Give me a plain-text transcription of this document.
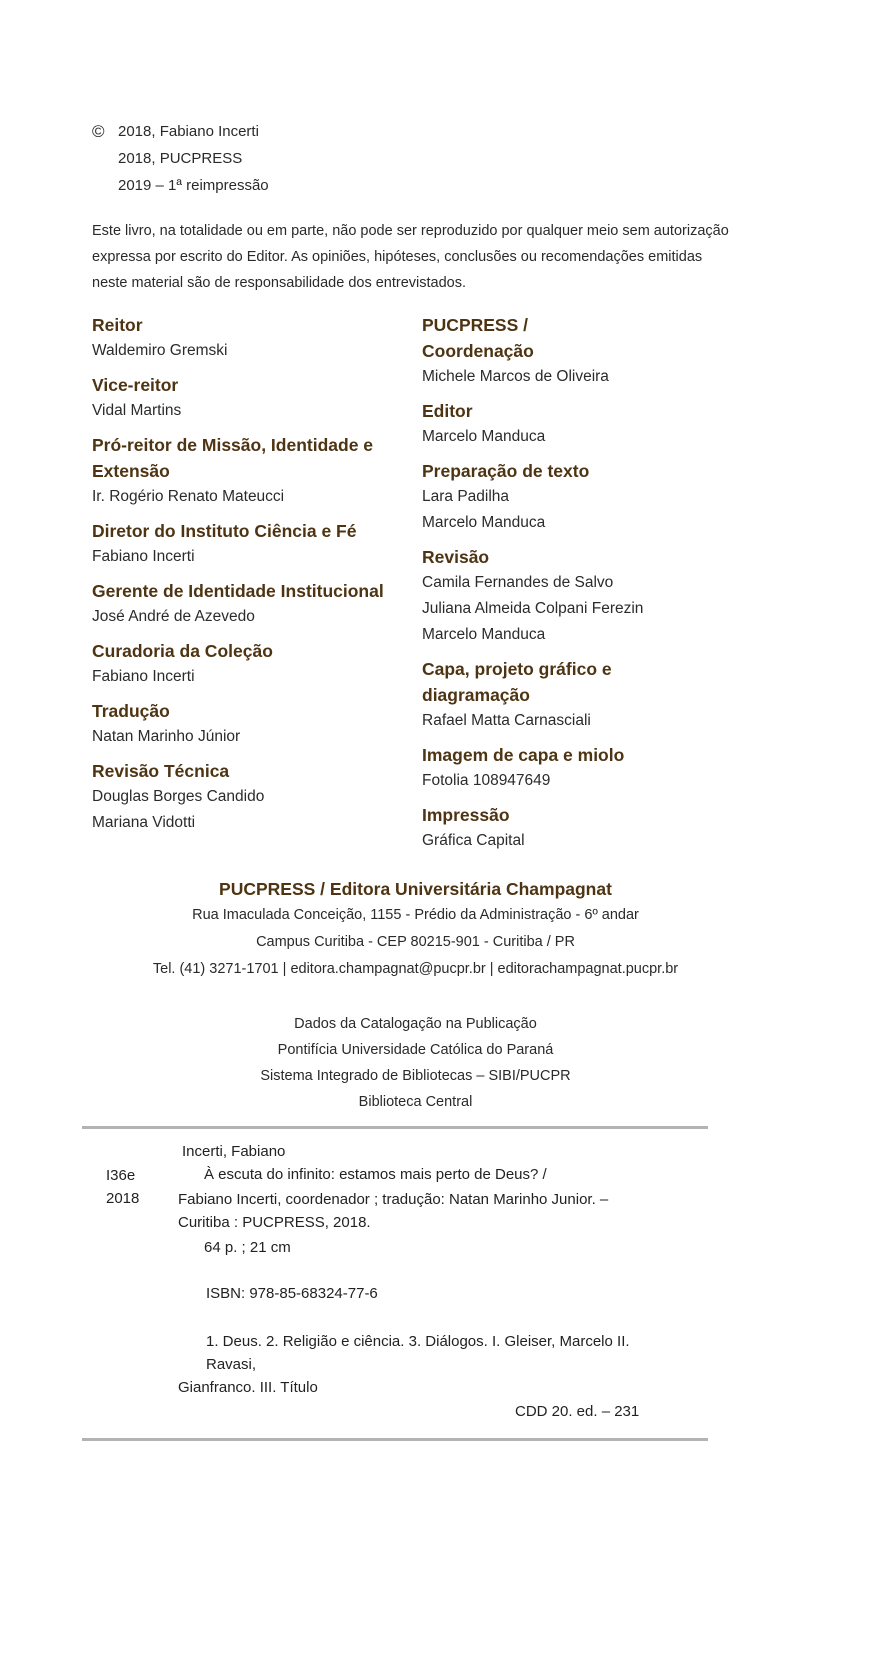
© 2018, Fabiano Incerti
2018, PUCPRESS
2019 – 1ª reimpressão
Este livro, na totalidade ou em parte, não pode ser reproduzido por qualquer meio sem autorização expressa por escrito do Editor. As opiniões, hipóteses, conclusões ou recomendações emitidas neste material são de responsabilidade dos entrevistados.
Reitor
Waldemiro Gremski
Vice-reitor
Vidal Martins
Pró-reitor de Missão, Identidade e Extensão
Ir. Rogério Renato Mateucci
Diretor do Instituto Ciência e Fé
Fabiano Incerti
Gerente de Identidade Institucional
José André de Azevedo
Curadoria da Coleção
Fabiano Incerti
Tradução
Natan Marinho Júnior
Revisão Técnica
Douglas Borges Candido
Mariana Vidotti
PUCPRESS / Coordenação
Michele Marcos de Oliveira
Editor
Marcelo Manduca
Preparação de texto
Lara Padilha
Marcelo Manduca
Revisão
Camila Fernandes de Salvo
Juliana Almeida Colpani Ferezin
Marcelo Manduca
Capa, projeto gráfico e diagramação
Rafael Matta Carnasciali
Imagem de capa e miolo
Fotolia 108947649
Impressão
Gráfica Capital
PUCPRESS / Editora Universitária Champagnat
Rua Imaculada Conceição, 1155 - Prédio da Administração - 6º andar
Campus Curitiba - CEP 80215-901 - Curitiba / PR
Tel. (41) 3271-1701 | editora.champagnat@pucpr.br | editorachampagnat.pucpr.br
Dados da Catalogação na Publicação
Pontifícia Universidade Católica do Paraná
Sistema Integrado de Bibliotecas – SIBI/PUCPR
Biblioteca Central
I36e
2018
Incerti, Fabiano
À escuta do infinito: estamos mais perto de Deus? /
Fabiano Incerti, coordenador ; tradução: Natan Marinho Junior. – Curitiba : PUCPRESS, 2018.
64 p. ; 21 cm
ISBN: 978-85-68324-77-6
1. Deus. 2. Religião e ciência. 3. Diálogos. I. Gleiser, Marcelo II. Ravasi,
Gianfranco. III. Título
CDD 20. ed. – 231
